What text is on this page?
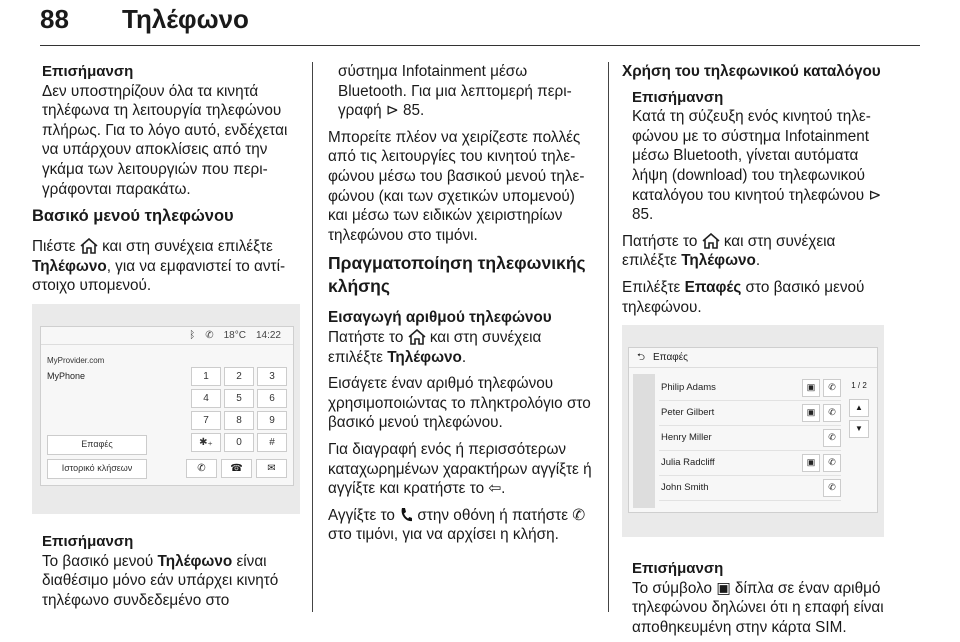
88 Τηλέφωνο
Επισήμανση

Δεν υποστηρίζουν όλα τα κινητά τηλέφωνα τη λειτουργία τηλεφώνου πλήρως. Για το λόγο αυτό, ενδέχεται να υπάρχουν αποκλίσεις από την γκάμα των λειτουργιών που περι-γράφονται παρακάτω.

Βασικό μενού τηλεφώνου

Πιέστε  και στη συνέχεια επιλέξτε Τηλέφωνο, για να εμφανιστεί το αντί-στοιχο υπομενού.

ᛒ ✆ 18°C 14:22
MyProvider.com
MyPhone	1	2	3
4	5	6
7	8	9
✱₊	0	#
Επαφές
Ιστορικό κλήσεων	✆	☎	✉
Επισήμανση

Το βασικό μενού Τηλέφωνο είναι διαθέσιμο μόνο εάν υπάρχει κινητό τηλέφωνο συνδεδεμένο στο

σύστημα Infotainment μέσω Bluetooth. Για μια λεπτομερή περι-γραφή ⊳ 85.

Μπορείτε πλέον να χειρίζεστε πολλές από τις λειτουργίες του κινητού τηλε-φώνου μέσω του βασικού μενού τηλε-φώνου (και των σχετικών υπομενού) και μέσω των ειδικών χειριστηρίων τηλεφώνου στο τιμόνι.

Πραγματοποίηση τηλεφωνικής κλήσης
Εισαγωγή αριθμού τηλεφώνου

Πατήστε το  και στη συνέχεια επιλέξτε Τηλέφωνο.

Εισάγετε έναν αριθμό τηλεφώνου χρησιμοποιώντας το πληκτρολόγιο στο βασικό μενού τηλεφώνου.

Για διαγραφή ενός ή περισσότερων καταχωρημένων χαρακτήρων αγγίξτε ή αγγίξτε και κρατήστε το ⇦.

Αγγίξτε το  στην οθόνη ή πατήστε ✆ στο τιμόνι, για να αρχίσει η κλήση.

Χρήση του τηλεφωνικού καταλόγου
Επισήμανση

Κατά τη σύζευξη ενός κινητού τηλε-φώνου με το σύστημα Infotainment μέσω Bluetooth, γίνεται αυτόματα λήψη (download) του τηλεφωνικού καταλόγου του κινητού τηλεφώνου ⊳ 85.

Πατήστε το  και στη συνέχεια επιλέξτε Τηλέφωνο.

Επιλέξτε Επαφές στο βασικό μενού τηλεφώνου.

⮌ Επαφές
Philip Adams	▣	✆
Peter Gilbert	▣	✆
Henry Miller	✆
Julia Radcliff	▣	✆
John Smith	✆
1 / 2
▲
▼
Επισήμανση

Το σύμβολο ▣ δίπλα σε έναν αριθμό τηλεφώνου δηλώνει ότι η επαφή είναι αποθηκευμένη στην κάρτα SIM.
